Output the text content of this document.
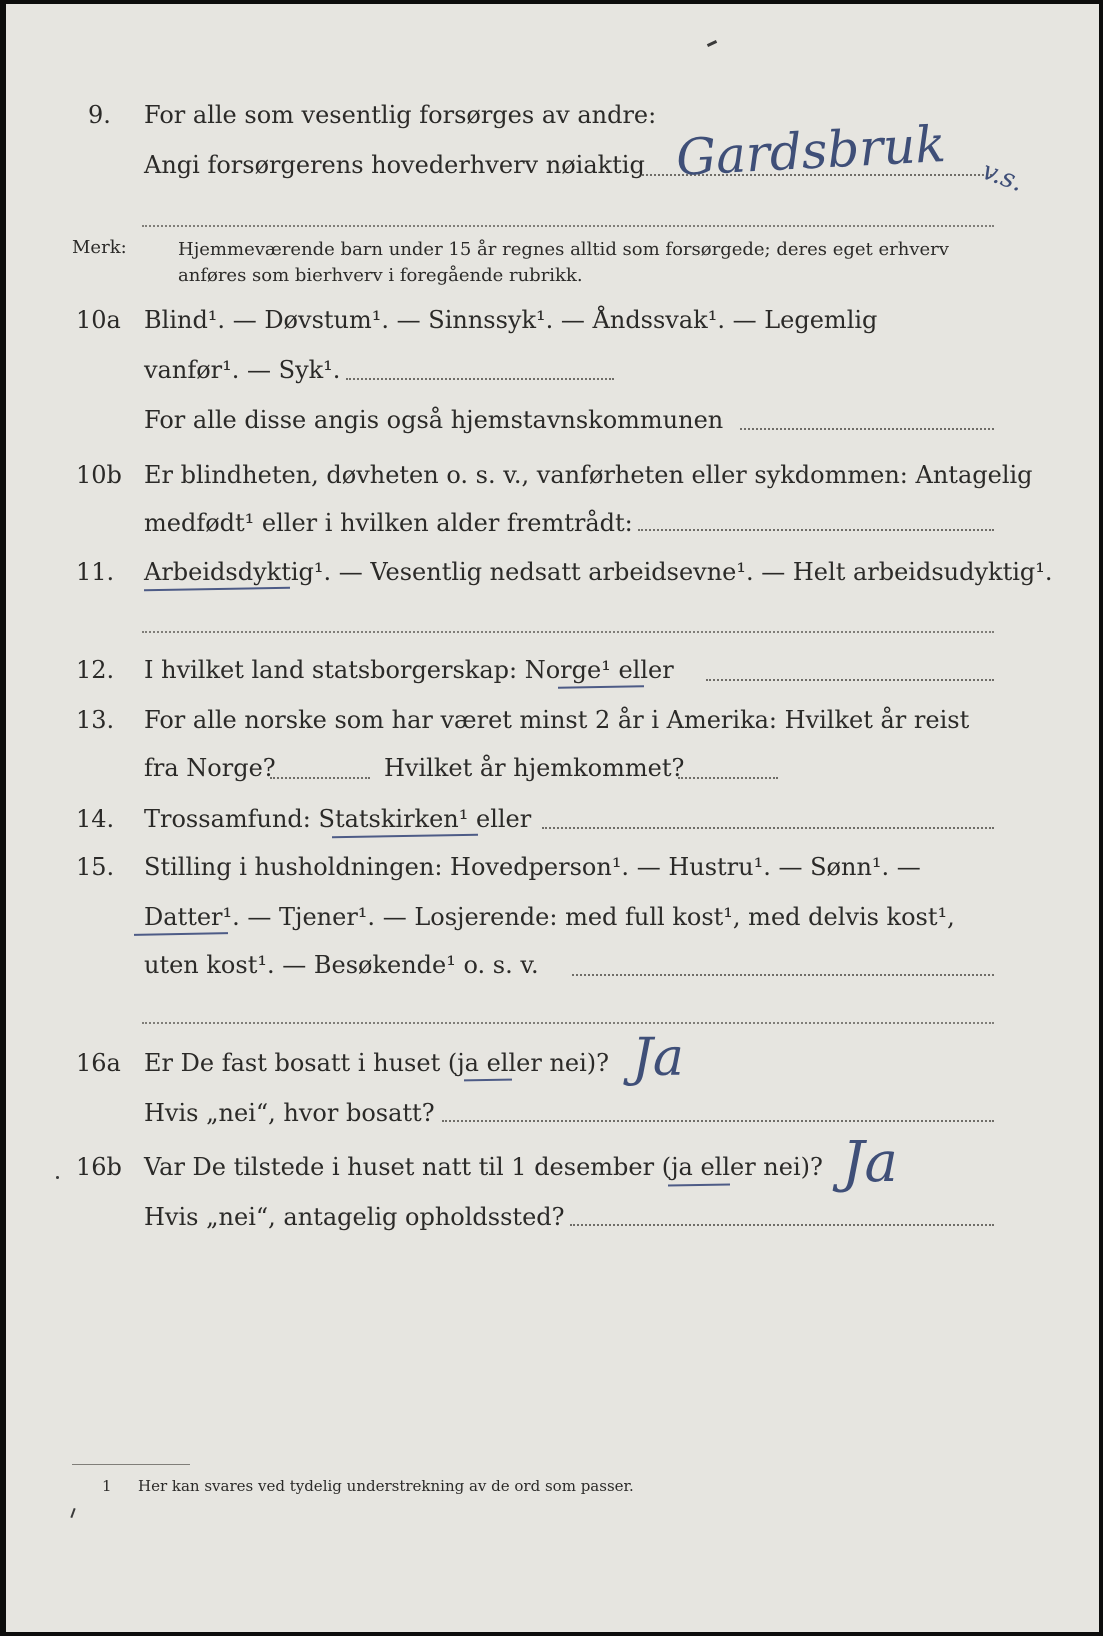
9. For alle som vesentlig forsørges av andre:
Angi forsørgerens hovederhverv nøiaktig Gardsbruk v.s.
Merk:	Hjemmeværende barn under 15 år regnes alltid som forsørgede; deres eget erhverv
anføres som bierhverv i foregående rubrikk.
10a Blind¹. — Døvstum¹. — Sinnssyk¹. — Åndssvak¹. — Legemlig
vanfør¹. — Syk¹.
For alle disse angis også hjemstavnskommunen
10b Er blindheten, døvheten o. s. v., vanførheten eller sykdommen: Antagelig
medfødt¹ eller i hvilken alder fremtrådt:
11. Arbeidsdyktig¹. — Vesentlig nedsatt arbeidsevne¹. — Helt arbeidsudyktig¹.
12. I hvilket land statsborgerskap: Norge¹ eller
13. For alle norske som har været minst 2 år i Amerika: Hvilket år reist
fra Norge?	Hvilket år hjemkommet?
14. Trossamfund: Statskirken¹ eller
15. Stilling i husholdningen: Hovedperson¹. — Hustru¹. — Sønn¹. —
Datter¹. — Tjener¹. — Losjerende: med full kost¹, med delvis kost¹,
uten kost¹. — Besøkende¹ o. s. v.
16a Er De fast bosatt i huset (ja eller nei)? Ja
Hvis „nei“, hvor bosatt?
16b Var De tilstede i huset natt til 1 desember (ja eller nei)? Ja
Hvis „nei“, antagelig opholdssted?
1 Her kan svares ved tydelig understrekning av de ord som passer.
